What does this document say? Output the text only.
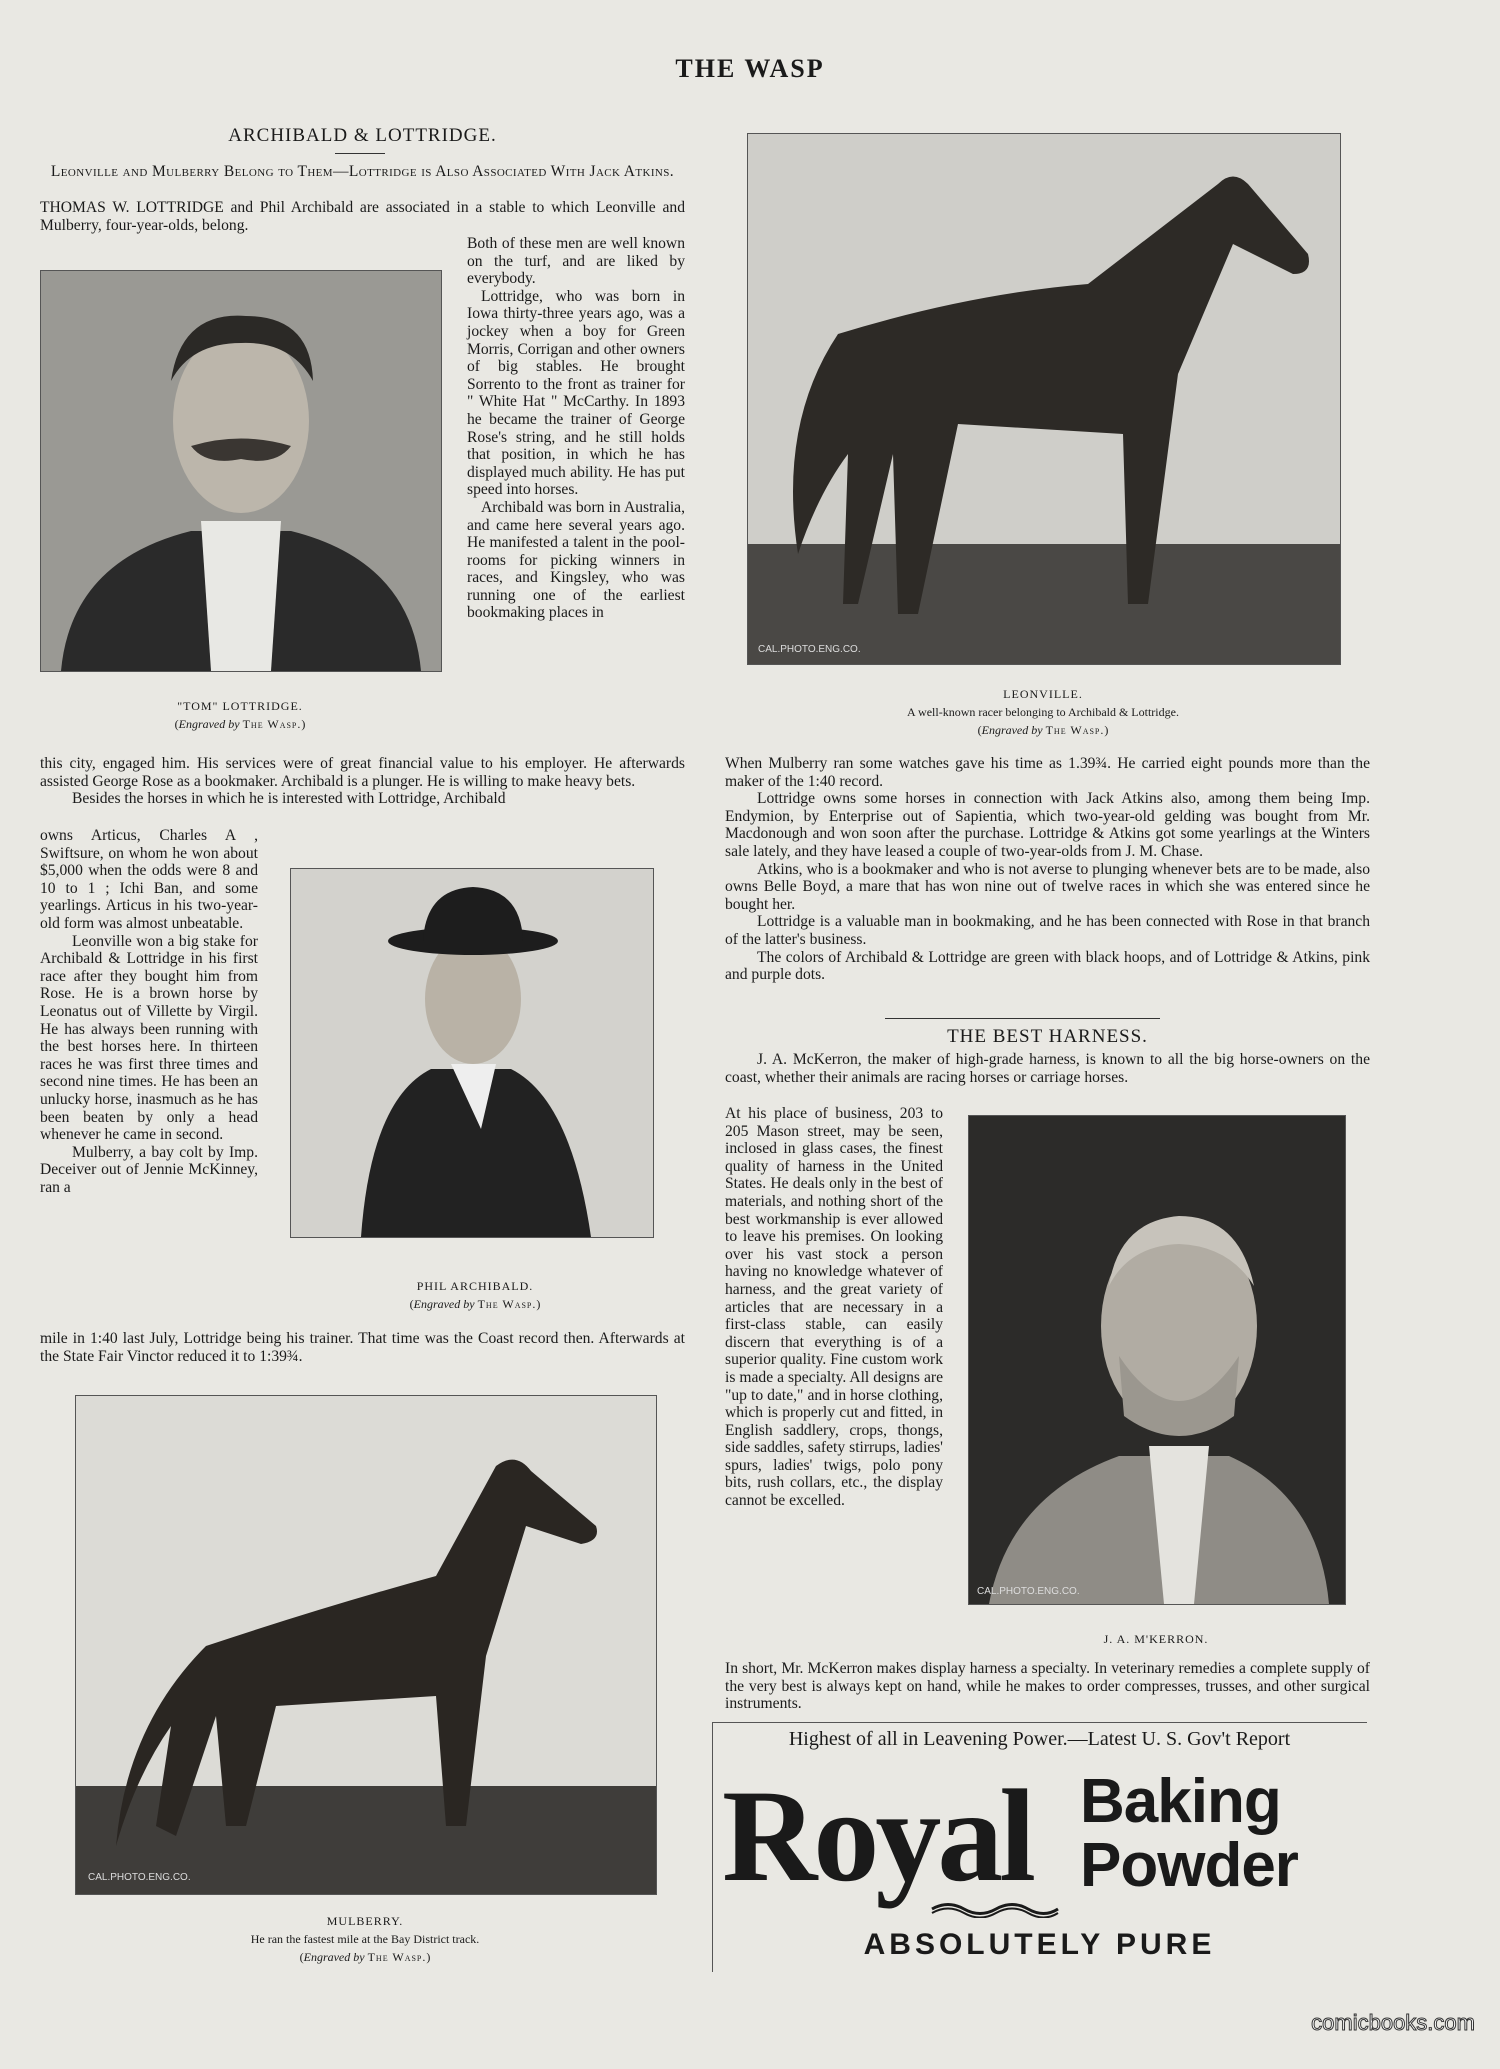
THE WASP
ARCHIBALD & LOTTRIDGE.
Leonville and Mulberry Belong to Them—Lottridge is Also Associated With Jack Atkins.
THOMAS W. LOTTRIDGE and Phil Archibald are associated in a stable to which Leonville and Mulberry, four-year-olds, belong.

Both of these men are well known on the turf, and are liked by everybody.

Lottridge, who was born in Iowa thirty-three years ago, was a jockey when a boy for Green Morris, Corrigan and other owners of big stables. He brought Sorrento to the front as trainer for " White Hat " McCarthy. In 1893 he became the trainer of George Rose's string, and he still holds that position, in which he has displayed much ability. He has put speed into horses.

Archibald was born in Australia, and came here several years ago. He manifested a talent in the pool-rooms for picking winners in races, and Kingsley, who was running one of the earliest bookmaking places in

"TOM" LOTTRIDGE.
(Engraved by The Wasp.)

this city, engaged him. His services were of great financial value to his employer. He afterwards assisted George Rose as a bookmaker. Archibald is a plunger. He is willing to make heavy bets.

Besides the horses in which he is interested with Lottridge, Archibald

owns Articus, Charles A , Swiftsure, on whom he won about $5,000 when the odds were 8 and 10 to 1 ; Ichi Ban, and some yearlings. Articus in his two-year-old form was almost unbeatable.

Leonville won a big stake for Archibald & Lottridge in his first race after they bought him from Rose. He is a brown horse by Leonatus out of Villette by Virgil. He has always been running with the best horses here. In thirteen races he was first three times and second nine times. He has been an unlucky horse, inasmuch as he has been beaten by only a head whenever he came in second.

Mulberry, a bay colt by Imp. Deceiver out of Jennie McKinney, ran a

PHIL ARCHIBALD.
(Engraved by The Wasp.)

mile in 1:40 last July, Lottridge being his trainer. That time was the Coast record then. Afterwards at the State Fair Vinctor reduced it to 1:39¾.

CAL.PHOTO.ENG.CO.
MULBERRY.
He ran the fastest mile at the Bay District track.
(Engraved by The Wasp.)
CAL.PHOTO.ENG.CO.
LEONVILLE.
A well-known racer belonging to Archibald & Lottridge.
(Engraved by The Wasp.)

When Mulberry ran some watches gave his time as 1.39¾. He carried eight pounds more than the maker of the 1:40 record.

Lottridge owns some horses in connection with Jack Atkins also, among them being Imp. Endymion, by Enterprise out of Sapientia, which two-year-old gelding was bought from Mr. Macdonough and won soon after the purchase. Lottridge & Atkins got some yearlings at the Winters sale lately, and they have leased a couple of two-year-olds from J. M. Chase.

Atkins, who is a bookmaker and who is not averse to plunging whenever bets are to be made, also owns Belle Boyd, a mare that has won nine out of twelve races in which she was entered since he bought her.

Lottridge is a valuable man in bookmaking, and he has been connected with Rose in that branch of the latter's business.

The colors of Archibald & Lottridge are green with black hoops, and of Lottridge & Atkins, pink and purple dots.

THE BEST HARNESS.

J. A. McKerron, the maker of high-grade harness, is known to all the big horse-owners on the coast, whether their animals are racing horses or carriage horses.

At his place of business, 203 to 205 Mason street, may be seen, inclosed in glass cases, the finest quality of harness in the United States. He deals only in the best of materials, and nothing short of the best workmanship is ever allowed to leave his premises. On looking over his vast stock a person having no knowledge whatever of harness, and the great variety of articles that are necessary in a first-class stable, can easily discern that everything is of a superior quality. Fine custom work is made a specialty. All designs are "up to date," and in horse clothing, which is properly cut and fitted, in English saddlery, crops, thongs, side saddles, safety stirrups, ladies' spurs, ladies' twigs, polo pony bits, rush collars, etc., the display cannot be excelled.

CAL.PHOTO.ENG.CO.
J. A. M'KERRON.

In short, Mr. McKerron makes display harness a specialty. In veterinary remedies a complete supply of the very best is always kept on hand, while he makes to order compresses, trusses, and other surgical instruments.

Highest of all in Leavening Power.—Latest U. S. Gov't Report
Royal Baking
Powder
ABSOLUTELY PURE
comicbooks.com
